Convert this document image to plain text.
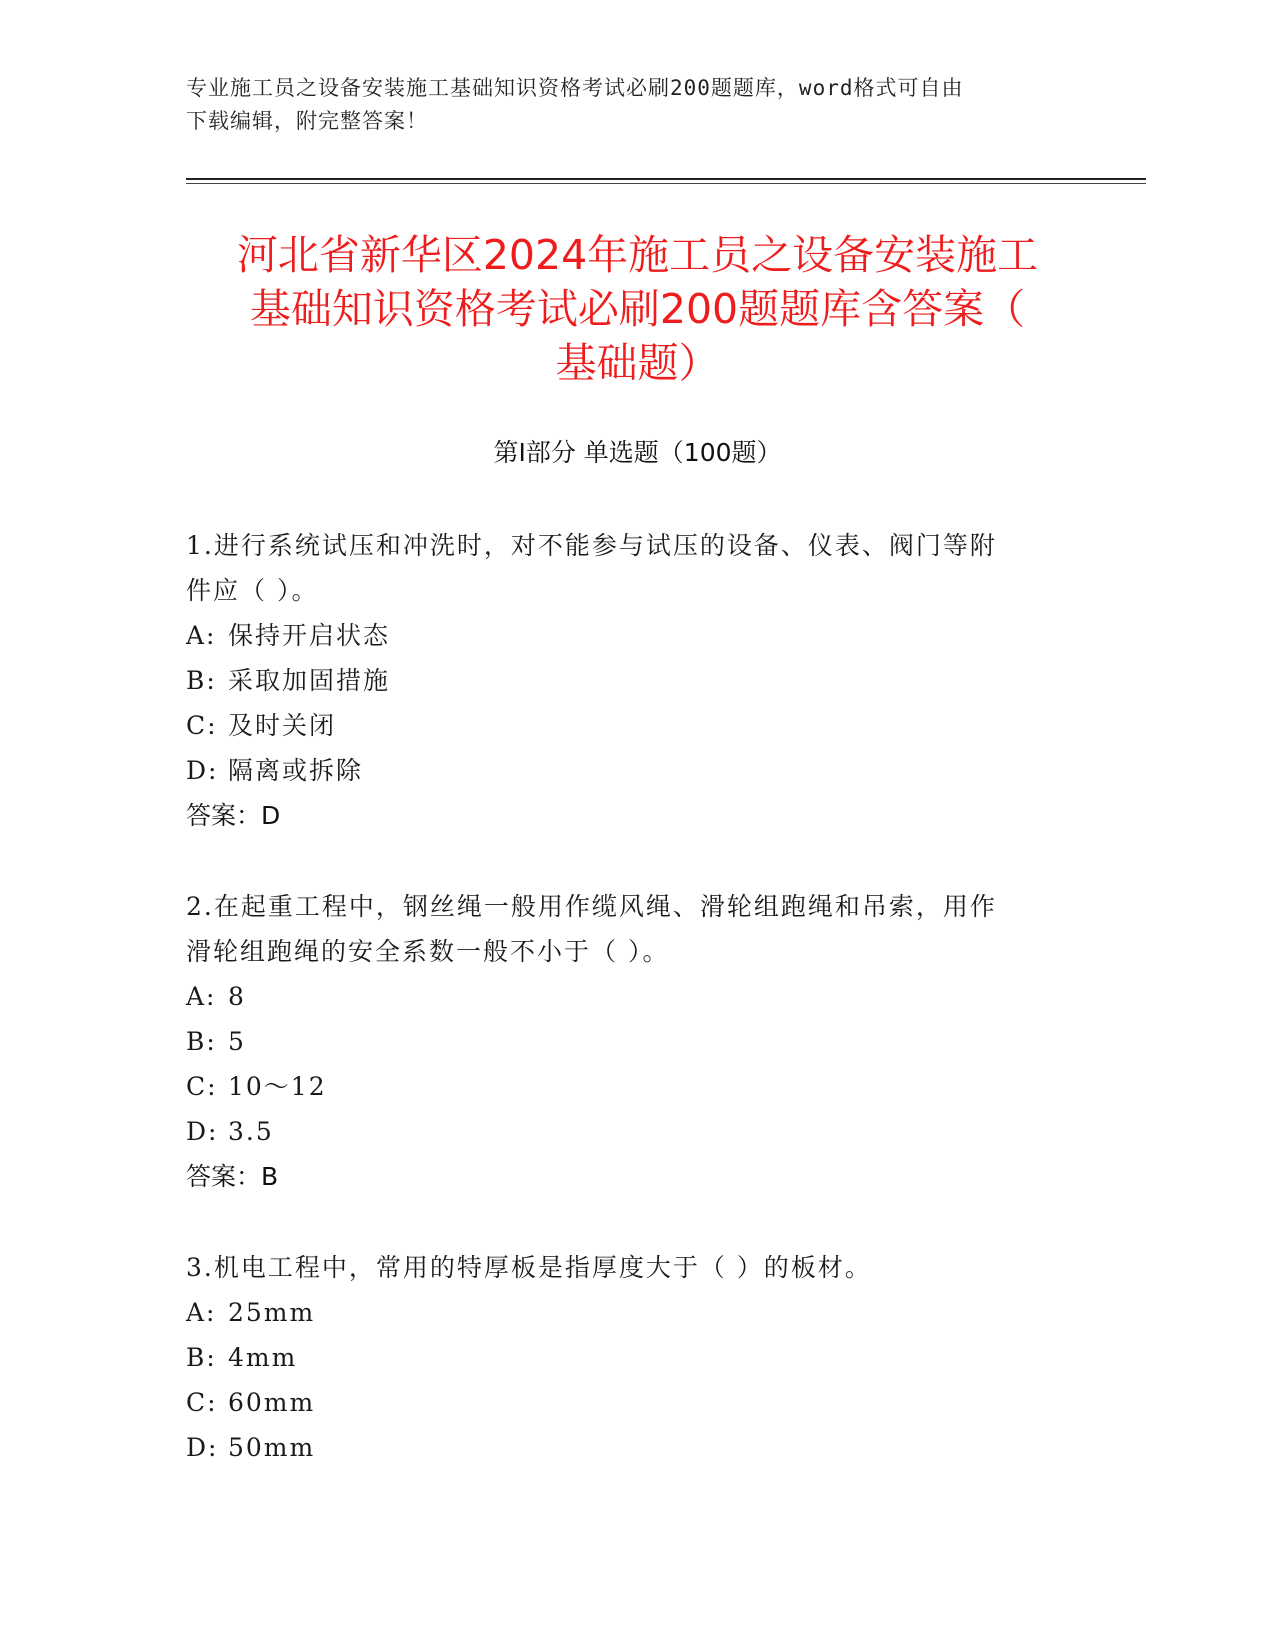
专业施工员之设备安装施工基础知识资格考试必刷200题题库，word格式可自由
下载编辑，附完整答案！
河北省新华区2024年施工员之设备安装施工
基础知识资格考试必刷200题题库含答案（
基础题）
第I部分 单选题（100题）
1.进行系统试压和冲洗时，对不能参与试压的设备、仪表、阀门等附
件应（ ）。
A: 保持开启状态
B: 采取加固措施
C: 及时关闭
D: 隔离或拆除
答案：D
2.在起重工程中，钢丝绳一般用作缆风绳、滑轮组跑绳和吊索，用作
滑轮组跑绳的安全系数一般不小于（ ）。
A: 8
B: 5
C: 10～12
D: 3.5
答案：B
3.机电工程中，常用的特厚板是指厚度大于（ ）的板材。
A: 25mm
B: 4mm
C: 60mm
D: 50mm
